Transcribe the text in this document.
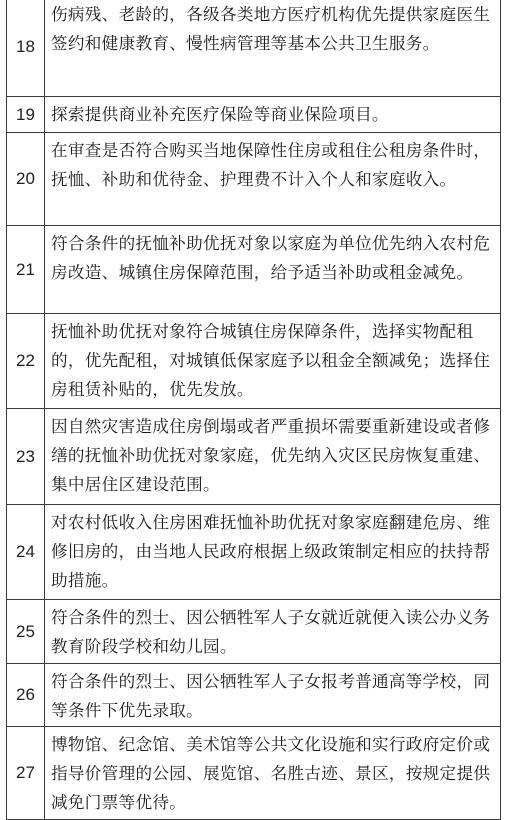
18
伤病残、老龄的，各级各类地方医疗机构优先提供家庭医生签约和健康教育、慢性病管理等基本公共卫生服务。
19 探索提供商业补充医疗保险等商业保险项目。
20
在审查是否符合购买当地保障性住房或租住公租房条件时，抚恤、补助和优待金、护理费不计入个人和家庭收入。
21
符合条件的抚恤补助优抚对象以家庭为单位优先纳入农村危房改造、城镇住房保障范围，给予适当补助或租金减免。
22
抚恤补助优抚对象符合城镇住房保障条件，选择实物配租的，优先配租，对城镇低保家庭予以租金全额减免；选择住房租赁补贴的，优先发放。
23
因自然灾害造成住房倒塌或者严重损坏需要重新建设或者修缮的抚恤补助优抚对象家庭，优先纳入灾区民房恢复重建、集中居住区建设范围。
24
对农村低收入住房困难抚恤补助优抚对象家庭翻建危房、维修旧房的，由当地人民政府根据上级政策制定相应的扶持帮助措施。
25
符合条件的烈士、因公牺牲军人子女就近就便入读公办义务教育阶段学校和幼儿园。
26
符合条件的烈士、因公牺牲军人子女报考普通高等学校，同等条件下优先录取。
27
博物馆、纪念馆、美术馆等公共文化设施和实行政府定价或指导价管理的公园、展览馆、名胜古迹、景区，按规定提供减免门票等优待。
